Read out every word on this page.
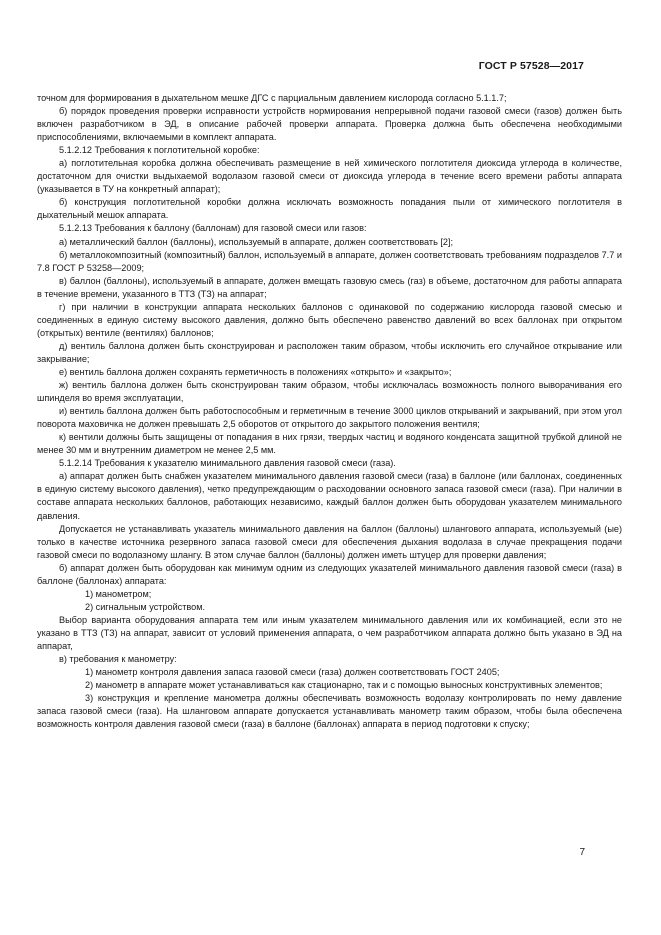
ГОСТ Р 57528—2017

точном для формирования в дыхательном мешке ДГС с парциальным давлением кислорода согласно 5.1.1.7;

б) порядок проведения проверки исправности устройств нормирования непрерывной подачи газовой смеси (газов) должен быть включен разработчиком в ЭД, в описание рабочей проверки аппарата. Проверка должна быть обеспечена необходимыми приспособлениями, включаемыми в комплект аппарата.

5.1.2.12 Требования к поглотительной коробке:

а) поглотительная коробка должна обеспечивать размещение в ней химического поглотителя диоксида углерода в количестве, достаточном для очистки выдыхаемой водолазом газовой смеси от диоксида углерода в течение всего времени работы аппарата (указывается в ТУ на конкретный аппарат);

б) конструкция поглотительной коробки должна исключать возможность попадания пыли от химического поглотителя в дыхательный мешок аппарата.

5.1.2.13 Требования к баллону (баллонам) для газовой смеси или газов:

а) металлический баллон (баллоны), используемый в аппарате, должен соответствовать [2];

б) металлокомпозитный (композитный) баллон, используемый в аппарате, должен соответствовать требованиям подразделов 7.7 и 7.8 ГОСТ Р 53258—2009;

в) баллон (баллоны), используемый в аппарате, должен вмещать газовую смесь (газ) в объеме, достаточном для работы аппарата в течение времени, указанного в ТТЗ (ТЗ) на аппарат;

г) при наличии в конструкции аппарата нескольких баллонов с одинаковой по содержанию кислорода газовой смесью и соединенных в единую систему высокого давления, должно быть обеспечено равенство давлений во всех баллонах при открытом (открытых) вентиле (вентилях) баллонов;

д) вентиль баллона должен быть сконструирован и расположен таким образом, чтобы исключить его случайное открывание или закрывание;

е) вентиль баллона должен сохранять герметичность в положениях «открыто» и «закрыто»;

ж) вентиль баллона должен быть сконструирован таким образом, чтобы исключалась возможность полного выворачивания его шпинделя во время эксплуатации,

и) вентиль баллона должен быть работоспособным и герметичным в течение 3000 циклов открываний и закрываний, при этом угол поворота маховичка не должен превышать 2,5 оборотов от открытого до закрытого положения вентиля;

к) вентили должны быть защищены от попадания в них грязи, твердых частиц и водяного конденсата защитной трубкой длиной не менее 30 мм и внутренним диаметром не менее 2,5 мм.

5.1.2.14 Требования к указателю минимального давления газовой смеси (газа).

а) аппарат должен быть снабжен указателем минимального давления газовой смеси (газа) в баллоне (или баллонах, соединенных в единую систему высокого давления), четко предупреждающим о расходовании основного запаса газовой смеси (газа). При наличии в составе аппарата нескольких баллонов, работающих независимо, каждый баллон должен быть оборудован указателем минимального давления.

Допускается не устанавливать указатель минимального давления на баллон (баллоны) шлангового аппарата, используемый (ые) только в качестве источника резервного запаса газовой смеси для обеспечения дыхания водолаза в случае прекращения подачи газовой смеси по водолазному шлангу. В этом случае баллон (баллоны) должен иметь штуцер для проверки давления;

б) аппарат должен быть оборудован как минимум одним из следующих указателей минимального давления газовой смеси (газа) в баллоне (баллонах) аппарата:

1) манометром;

2) сигнальным устройством.

Выбор варианта оборудования аппарата тем или иным указателем минимального давления или их комбинацией, если это не указано в ТТЗ (ТЗ) на аппарат, зависит от условий применения аппарата, о чем разработчиком аппарата должно быть указано в ЭД на аппарат,

в) требования к манометру:

1) манометр контроля давления запаса газовой смеси (газа) должен соответствовать ГОСТ 2405;

2) манометр в аппарате может устанавливаться как стационарно, так и с помощью выносных конструктивных элементов;

3) конструкция и крепление манометра должны обеспечивать возможность водолазу контролировать по нему давление запаса газовой смеси (газа). На шланговом аппарате допускается устанавливать манометр таким образом, чтобы была обеспечена возможность контроля давления газовой смеси (газа) в баллоне (баллонах) аппарата в период подготовки к спуску;

7
